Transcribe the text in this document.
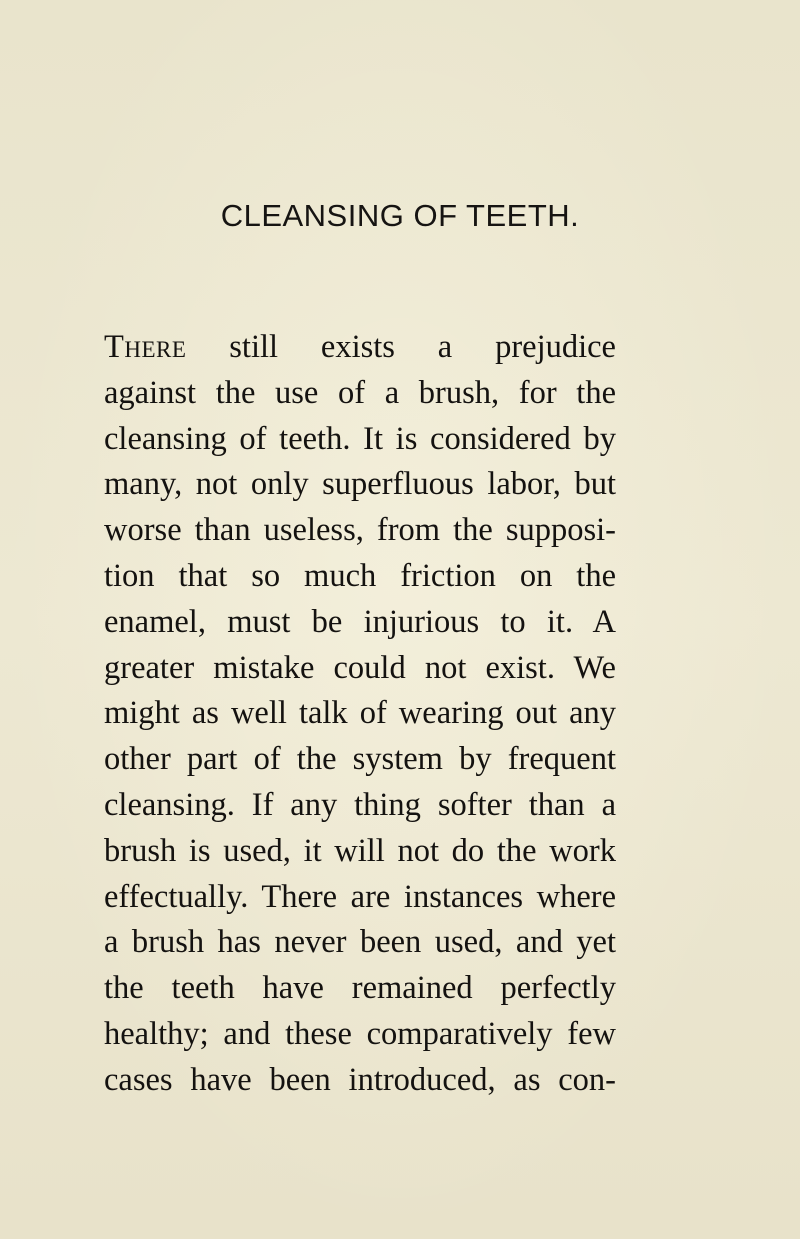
CLEANSING OF TEETH.
There still exists a prejudice
against the use of a brush, for the
cleansing of teeth. It is considered by
many, not only superfluous labor, but
worse than useless, from the supposi-
tion that so much friction on the
enamel, must be injurious to it. A
greater mistake could not exist. We
might as well talk of wearing out any
other part of the system by frequent
cleansing. If any thing softer than a
brush is used, it will not do the work
effectually. There are instances where
a brush has never been used, and yet
the teeth have remained perfectly
healthy; and these comparatively few
cases have been introduced, as con-
